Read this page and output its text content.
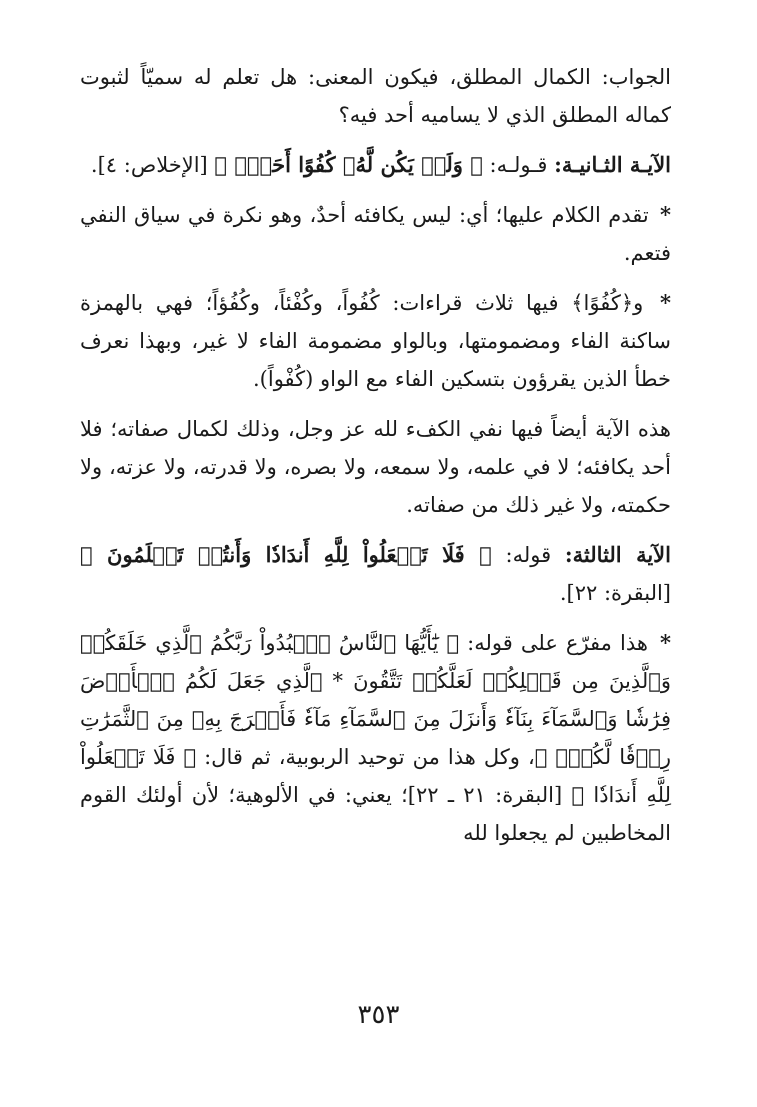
الجواب: الكمال المطلق، فيكون المعنى: هل تعلم له سميّاً لثبوت كماله المطلق الذي لا يساميه أحد فيه؟

الآيـة الثـانيـة: قـولـه: ﴿ وَلَمۡ يَكُن لَّهُۥ كُفُوًا أَحَدُۢ ﴾ [الإخلاص: ٤].

* تقدم الكلام عليها؛ أي: ليس يكافئه أحدٌ، وهو نكرة في سياق النفي فتعم.

* و﴿كُفُوًا﴾ فيها ثلاث قراءات: كُفُواً، وكُفْئاً، وكُفُؤاً؛ فهي بالهمزة ساكنة الفاء ومضمومتها، وبالواو مضمومة الفاء لا غير، وبهذا نعرف خطأ الذين يقرؤون بتسكين الفاء مع الواو (كُفْواً).

هذه الآية أيضاً فيها نفي الكفء لله عز وجل، وذلك لكمال صفاته؛ فلا أحد يكافئه؛ لا في علمه، ولا سمعه، ولا بصره، ولا قدرته، ولا عزته، ولا حكمته، ولا غير ذلك من صفاته.

الآية الثالثة: قوله: ﴿ فَلَا تَجۡعَلُواْ لِلَّهِ أَندَادٗا وَأَنتُمۡ تَعۡلَمُونَ ﴾ [البقرة: ٢٢].

* هذا مفرّع على قوله: ﴿ يَٰٓأَيُّهَا ٱلنَّاسُ ٱعۡبُدُواْ رَبَّكُمُ ٱلَّذِي خَلَقَكُمۡ وَٱلَّذِينَ مِن قَبۡلِكُمۡ لَعَلَّكُمۡ تَتَّقُونَ * ٱلَّذِي جَعَلَ لَكُمُ ٱلۡأَرۡضَ فِرَٰشٗا وَٱلسَّمَآءَ بِنَآءٗ وَأَنزَلَ مِنَ ٱلسَّمَآءِ مَآءٗ فَأَخۡرَجَ بِهِۦ مِنَ ٱلثَّمَرَٰتِ رِزۡقٗا لَّكُمۡۖ ﴾، وكل هذا من توحيد الربوبية، ثم قال: ﴿ فَلَا تَجۡعَلُواْ لِلَّهِ أَندَادٗا ﴾ [البقرة: ٢١ ـ ٢٢]؛ يعني: في الألوهية؛ لأن أولئك القوم المخاطبين لم يجعلوا لله

٣٥٣
